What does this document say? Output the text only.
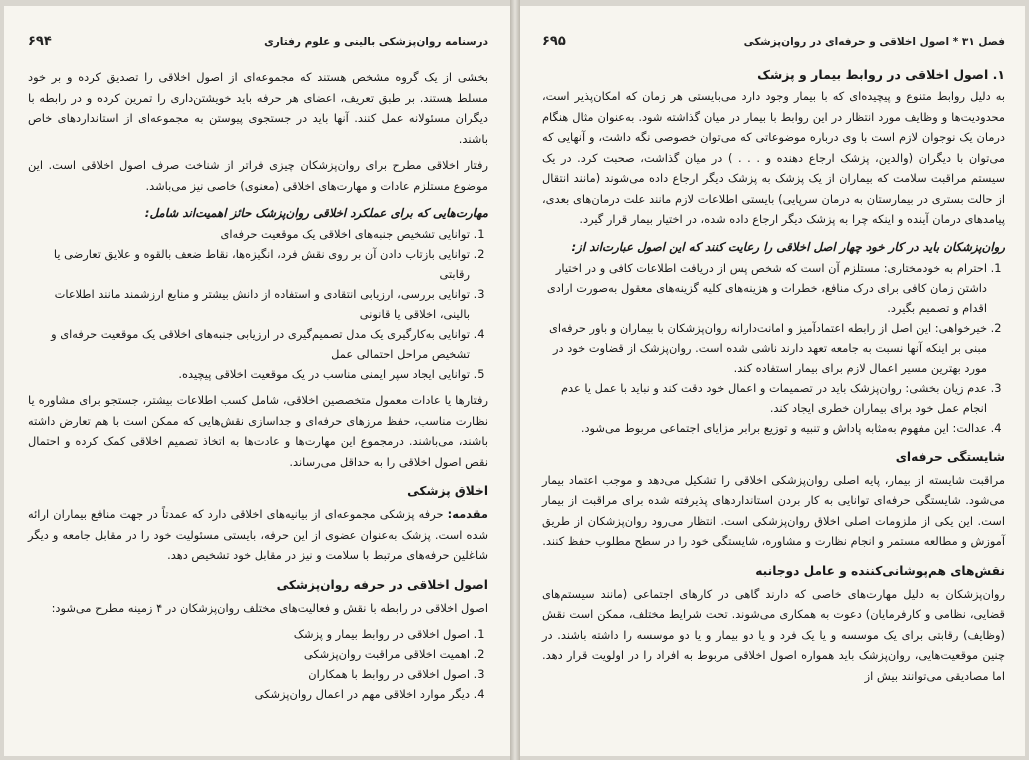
درسنامه روان‌پزشکی بالینی و علوم رفتاری
۶۹۴

بخشی از یک گروه مشخص هستند که مجموعه‌ای از اصول اخلاقی را تصدیق کرده و بر خود مسلط هستند. بر طبق تعریف، اعضای هر حرفه باید خویشتن‌داری را تمرین کرده و در رابطه با دیگران مسئولانه عمل کنند. آنها باید در جستجوی پیوستن به مجموعه‌ای از استانداردهای خاص باشند.

رفتار اخلاقی مطرح برای روان‌پزشکان چیزی فراتر از شناخت صرف اصول اخلاقی است. این موضوع مستلزم عادات و مهارت‌های اخلاقی (معنوی) خاصی نیز می‌باشد.

مهارت‌هایی که برای عملکرد اخلاقی روان‌پزشک حائز اهمیت‌اند شامل:
1. توانایی تشخیص جنبه‌های اخلاقی یک موقعیت حرفه‌ای
2. توانایی بازتاب دادن آن بر روی نقش فرد، انگیزه‌ها، نقاط ضعف بالقوه و علایق تعارضی یا رقابتی
3. توانایی بررسی، ارزیابی انتقادی و استفاده از دانش بیشتر و منابع ارزشمند مانند اطلاعات بالینی، اخلاقی یا قانونی
4. توانایی به‌کارگیری یک مدل تصمیم‌گیری در ارزیابی جنبه‌های اخلاقی یک موقعیت حرفه‌ای و تشخیص مراحل احتمالی عمل
5. توانایی ایجاد سپر ایمنی مناسب در یک موقعیت اخلاقی پیچیده.

رفتارها یا عادات معمول متخصصین اخلاقی، شامل کسب اطلاعات بیشتر، جستجو برای مشاوره یا نظارت مناسب، حفظ مرزهای حرفه‌ای و جداسازی نقش‌هایی که ممکن است با هم تعارض داشته باشند، می‌باشند. درمجموع این مهارت‌ها و عادت‌ها به اتخاذ تصمیم اخلاقی کمک کرده و احتمال نقص اصول اخلاقی را به حداقل می‌رساند.

اخلاق پزشکی

مقدمه: حرفه پزشکی مجموعه‌ای از بیانیه‌های اخلاقی دارد که عمدتاً در جهت منافع بیماران ارائه شده است. پزشک به‌عنوان عضوی از این حرفه، بایستی مسئولیت خود را در مقابل جامعه و دیگر شاغلین حرفه‌های مرتبط با سلامت و نیز در مقابل خود تشخیص دهد.

اصول اخلاقی در حرفه روان‌پزشکی

اصول اخلاقی در رابطه با نقش و فعالیت‌های مختلف روان‌پزشکان در ۴ زمینه مطرح می‌شود:

1. اصول اخلاقی در روابط بیمار و پزشک
2. اهمیت اخلاقی مراقبت روان‌پزشکی
3. اصول اخلاقی در روابط با همکاران
4. دیگر موارد اخلاقی مهم در اعمال روان‌پزشکی
فصل ۳۱ * اصول اخلاقی و حرفه‌ای در روان‌پزشکی
۶۹۵
۱. اصول اخلاقی در روابط بیمار و پزشک

به دلیل روابط متنوع و پیچیده‌ای که با بیمار وجود دارد می‌بایستی هر زمان که امکان‌پذیر است، محدودیت‌ها و وظایف مورد انتظار در این روابط با بیمار در میان گذاشته شود. به‌عنوان مثال هنگام درمان یک نوجوان لازم است با وی درباره موضوعاتی که می‌توان خصوصی نگه داشت، و آنهایی که می‌توان با دیگران (والدین، پزشک ارجاع دهنده و . . . ) در میان گذاشت، صحبت کرد. در یک سیستم مراقبت سلامت که بیماران از یک پزشک به پزشک دیگر ارجاع داده می‌شوند (مانند انتقال از حالت بستری در بیمارستان به درمان سرپایی) بایستی اطلاعات لازم مانند علت درمان‌های بعدی، پیامدهای درمان آینده و اینکه چرا به پزشک دیگر ارجاع داده شده، در اختیار بیمار قرار گیرد.

روان‌پزشکان باید در کار خود چهار اصل اخلاقی را رعایت کنند که این اصول عبارت‌اند از:
1. احترام به خودمختاری: مستلزم آن است که شخص پس از دریافت اطلاعات کافی و در اختیار داشتن زمان کافی برای درک منافع، خطرات و هزینه‌های کلیه گزینه‌های معقول به‌صورت ارادی اقدام و تصمیم بگیرد.
2. خیرخواهی: این اصل از رابطه اعتمادآمیز و امانت‌دارانه روان‌پزشکان با بیماران و باور حرفه‌ای مبنی بر اینکه آنها نسبت به جامعه تعهد دارند ناشی شده است. روان‌پزشک از قضاوت خود در مورد بهترین مسیر اعمال لازم برای بیمار استفاده کند.
3. عدم زیان بخشی: روان‌پزشک باید در تصمیمات و اعمال خود دقت کند و نباید با عمل یا عدم انجام عمل خود برای بیماران خطری ایجاد کند.
4. عدالت: این مفهوم به‌مثابه پاداش و تنبیه و توزیع برابر مزایای اجتماعی مربوط می‌شود.
شایستگی حرفه‌ای

مراقبت شایسته از بیمار، پایه اصلی روان‌پزشکی اخلاقی را تشکیل می‌دهد و موجب اعتماد بیمار می‌شود. شایستگی حرفه‌ای توانایی به کار بردن استانداردهای پذیرفته شده برای مراقبت از بیمار است. این یکی از ملزومات اصلی اخلاق روان‌پزشکی است. انتظار می‌رود روان‌پزشکان از طریق آموزش و مطالعه مستمر و انجام نظارت و مشاوره، شایستگی خود را در سطح مطلوب حفظ کنند.

نقش‌های هم‌پوشانی‌کننده و عامل دوجانبه

روان‌پزشکان به دلیل مهارت‌های خاصی که دارند گاهی در کارهای اجتماعی (مانند سیستم‌های قضایی، نظامی و کارفرمایان) دعوت به همکاری می‌شوند. تحت شرایط مختلف، ممکن است نقش (وظایف) رقابتی برای یک موسسه و یا یک فرد و یا دو بیمار و یا دو موسسه را داشته باشند. در چنین موقعیت‌هایی، روان‌پزشک باید همواره اصول اخلاقی مربوط به افراد را در اولویت قرار دهد. اما مصادیقی می‌توانند بیش از
